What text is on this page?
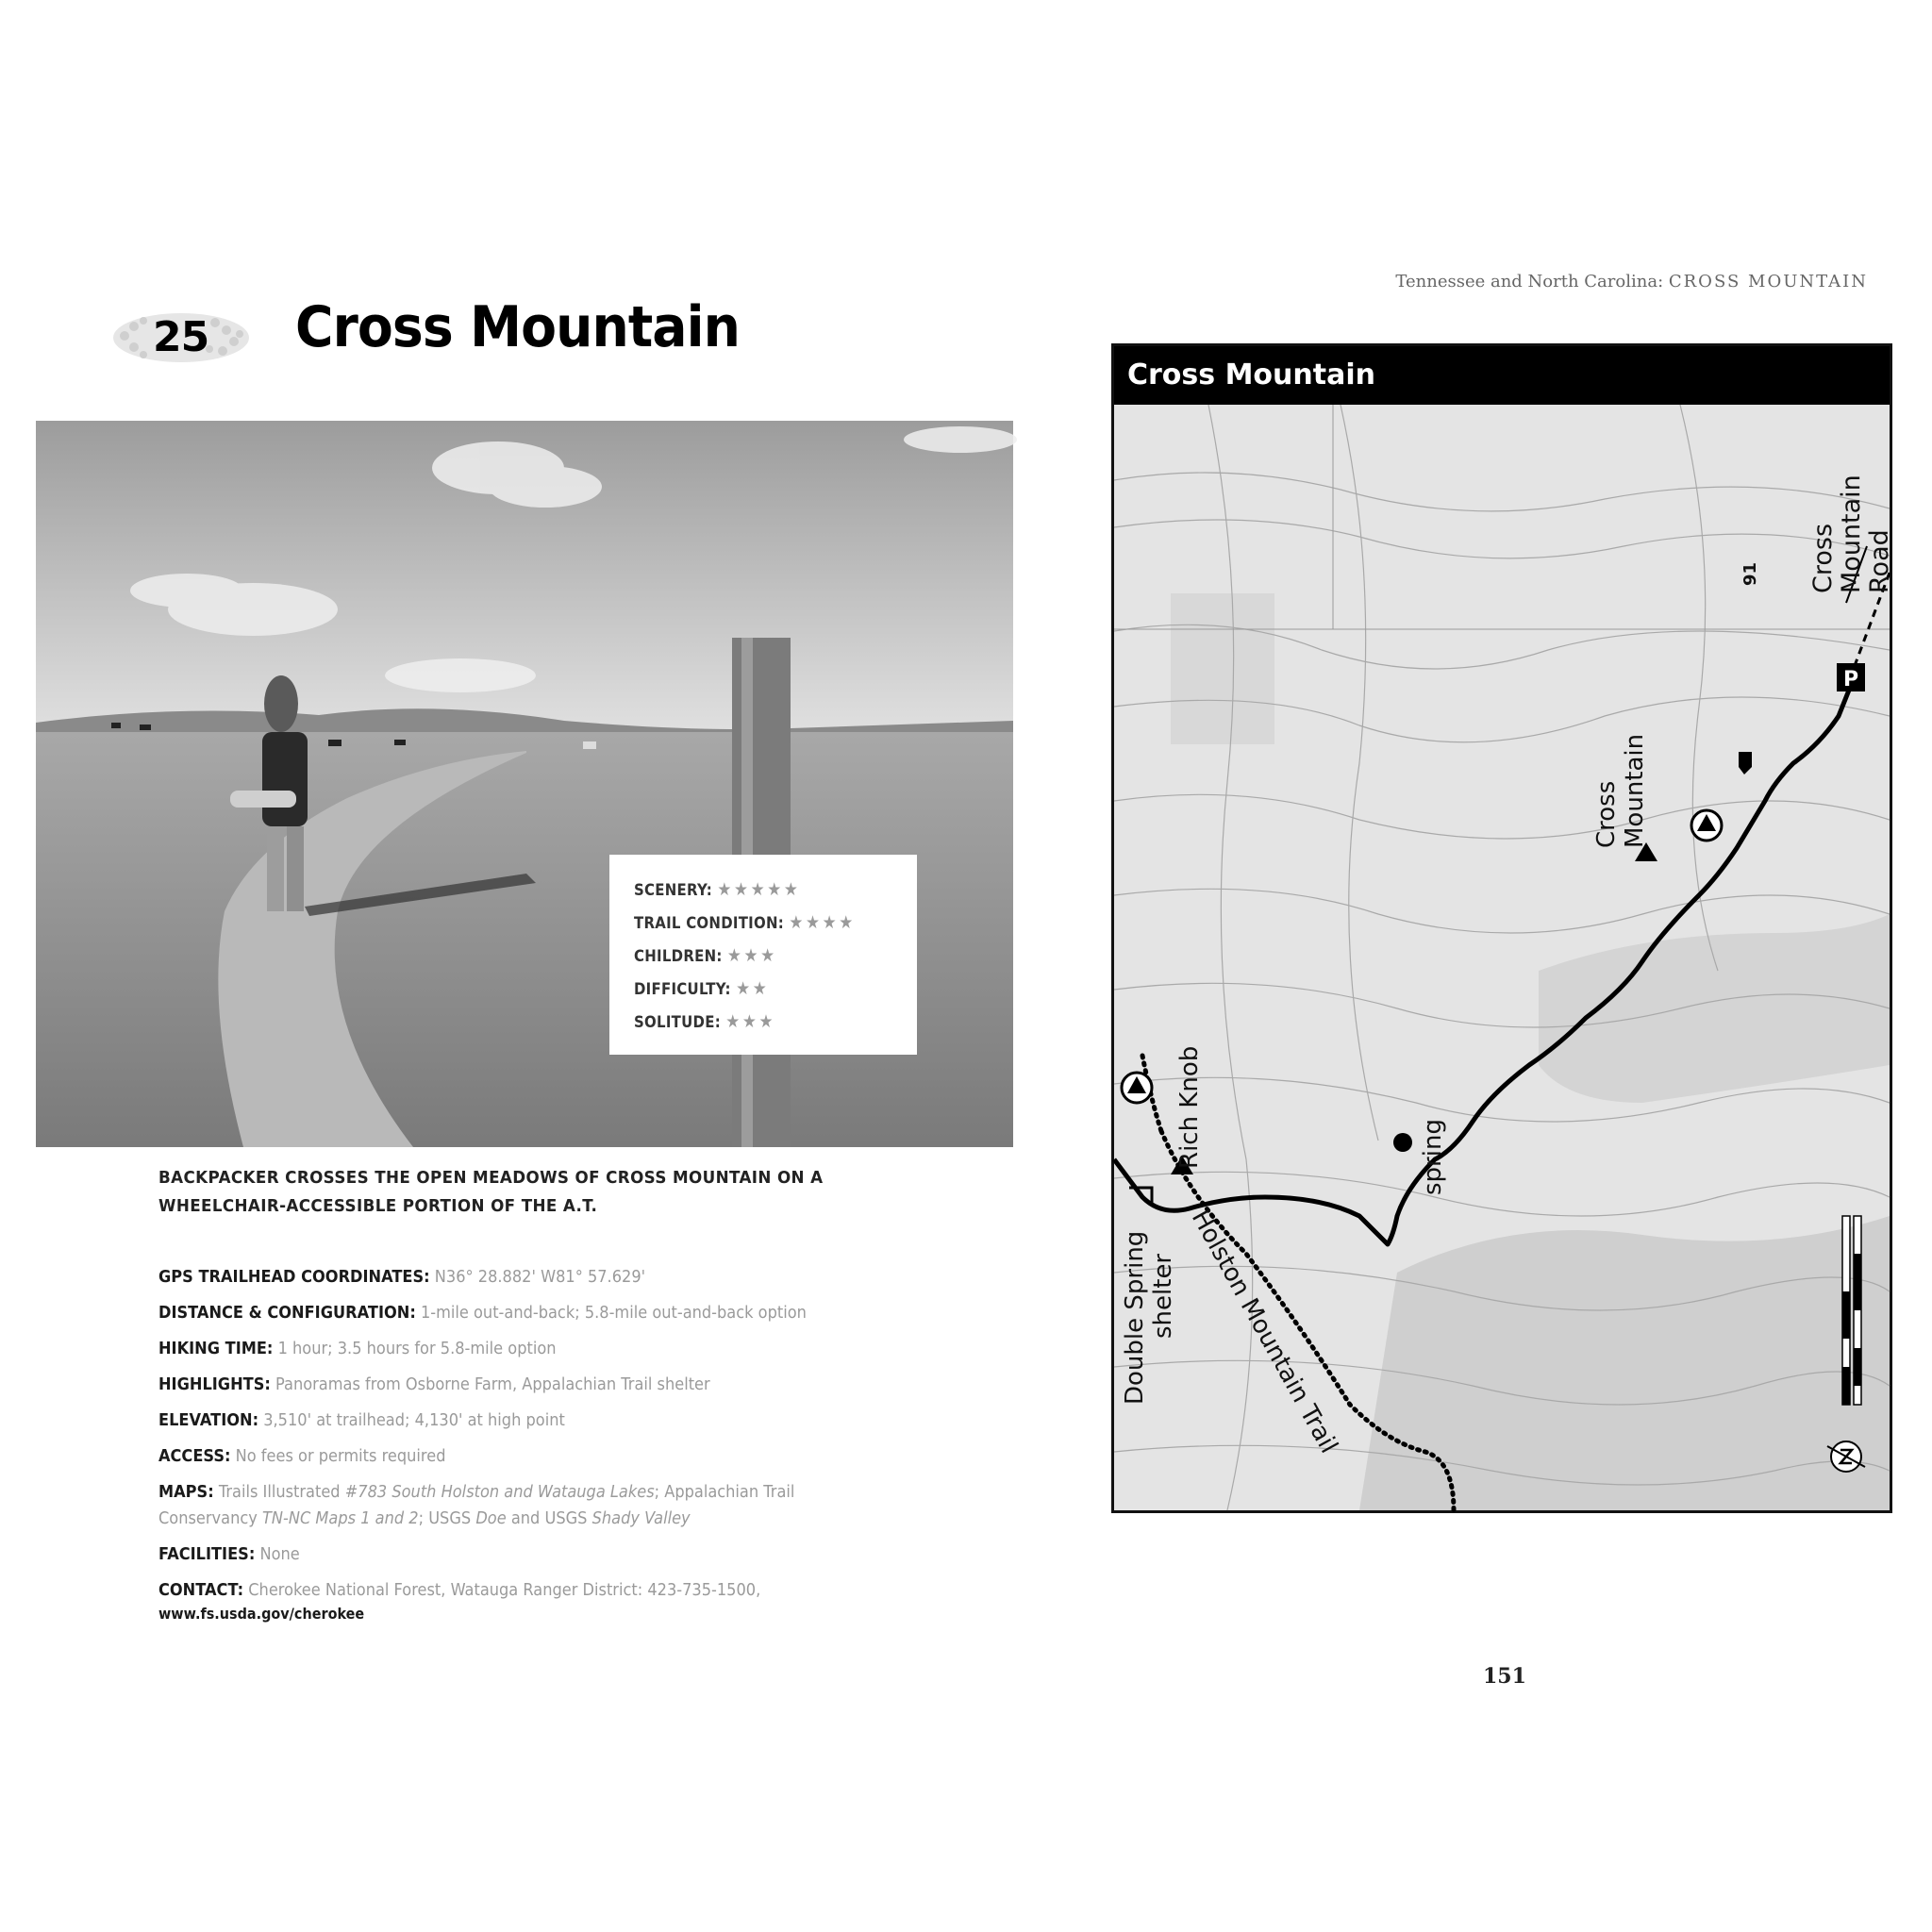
25 Cross Mountain
SCENERY: ★★★★★
TRAIL CONDITION: ★★★★
CHILDREN: ★★★
DIFFICULTY: ★★
SOLITUDE: ★★★
BACKPACKER CROSSES THE OPEN MEADOWS OF CROSS MOUNTAIN ON A WHEELCHAIR-ACCESSIBLE PORTION OF THE A.T.
GPS TRAILHEAD COORDINATES: N36° 28.882' W81° 57.629'
DISTANCE & CONFIGURATION: 1-mile out-and-back; 5.8-mile out-and-back option
HIKING TIME: 1 hour; 3.5 hours for 5.8-mile option
HIGHLIGHTS: Panoramas from Osborne Farm, Appalachian Trail shelter
ELEVATION: 3,510' at trailhead; 4,130' at high point
ACCESS: No fees or permits required
MAPS: Trails Illustrated #783 South Holston and Watauga Lakes; Appalachian Trail Conservancy TN-NC Maps 1 and 2; USGS Doe and USGS Shady Valley
FACILITIES: None
CONTACT: Cherokee National Forest, Watauga Ranger District: 423-735-1500,
www.fs.usda.gov/cherokee
Tennessee and North Carolina: CROSS MOUNTAIN
Cross Mountain
P
Cross Mountain Road
91
Cross Mountain
Rich Knob	spring
Double Spring shelter Holston Mountain Trail
151
